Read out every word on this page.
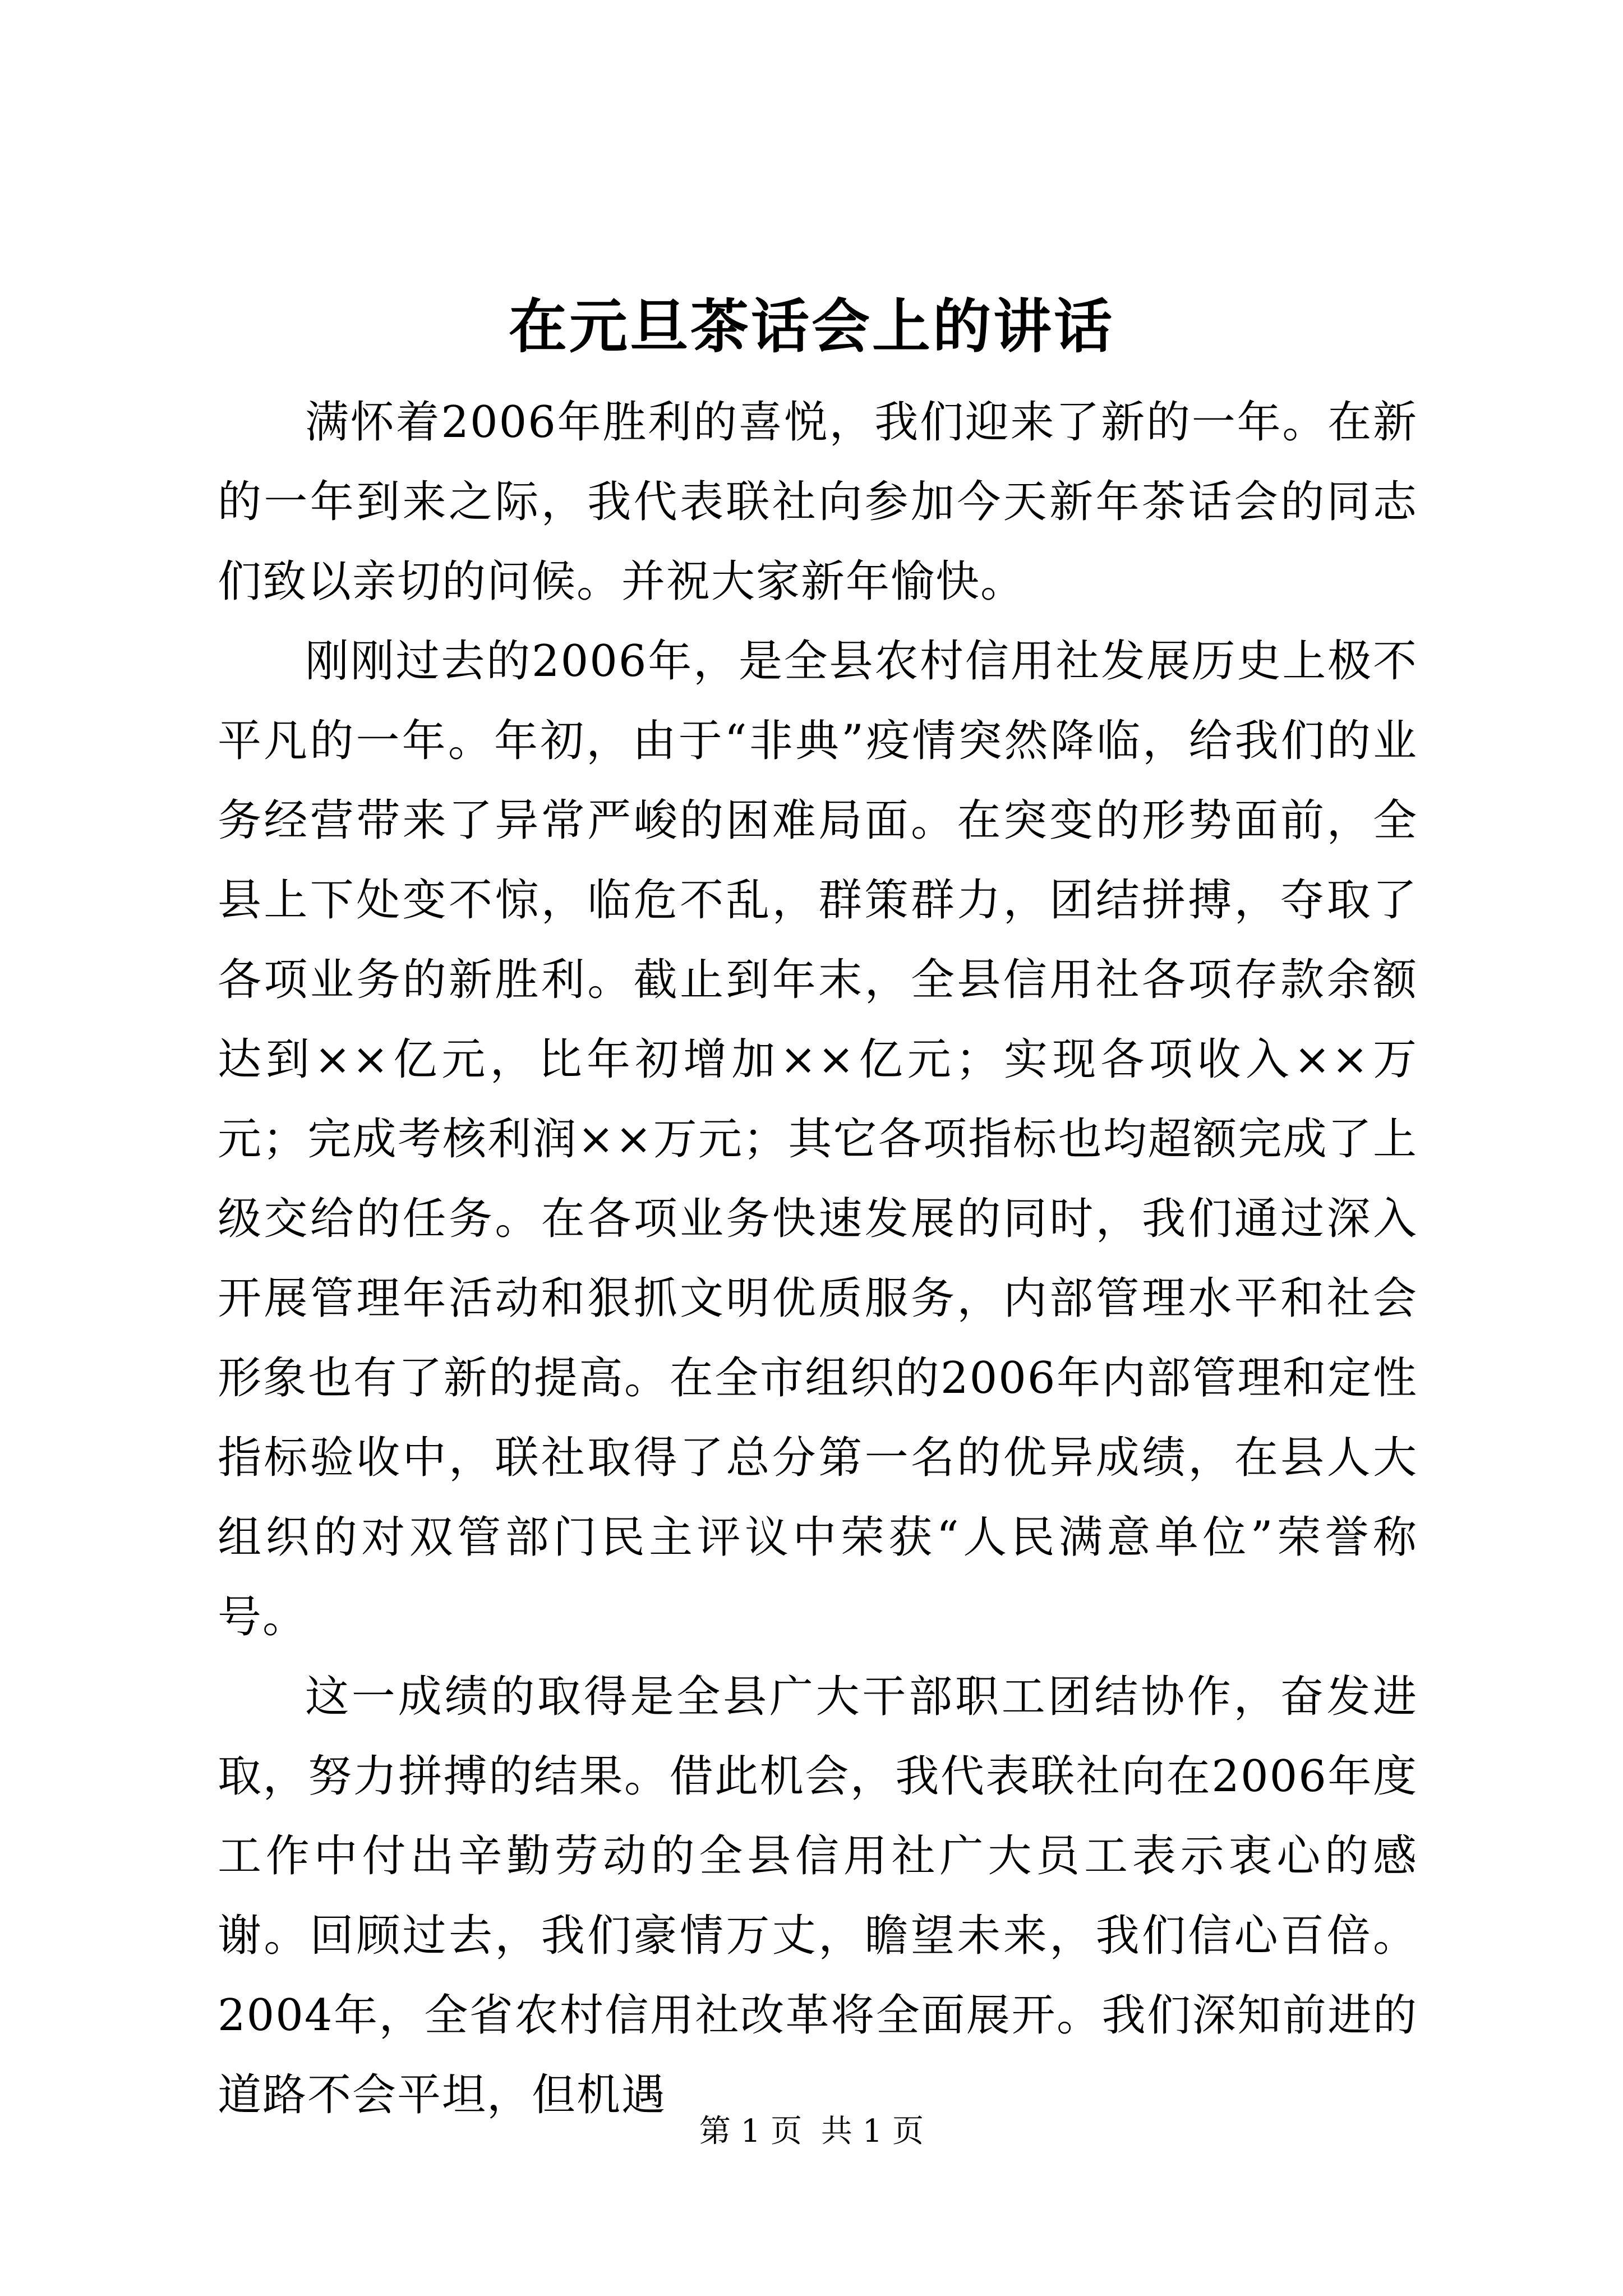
在元旦茶话会上的讲话

满怀着2006年胜利的喜悦，我们迎来了新的一年。在新的一年到来之际，我代表联社向参加今天新年茶话会的同志们致以亲切的问候。并祝大家新年愉快。

刚刚过去的2006年，是全县农村信用社发展历史上极不平凡的一年。年初，由于“非典”疫情突然降临，给我们的业务经营带来了异常严峻的困难局面。在突变的形势面前，全县上下处变不惊，临危不乱，群策群力，团结拼搏，夺取了各项业务的新胜利。截止到年末，全县信用社各项存款余额达到××亿元，比年初增加××亿元；实现各项收入××万元；完成考核利润××万元；其它各项指标也均超额完成了上级交给的任务。在各项业务快速发展的同时，我们通过深入开展管理年活动和狠抓文明优质服务，内部管理水平和社会形象也有了新的提高。在全市组织的2006年内部管理和定性指标验收中，联社取得了总分第一名的优异成绩，在县人大组织的对双管部门民主评议中荣获“人民满意单位”荣誉称号。

这一成绩的取得是全县广大干部职工团结协作，奋发进取，努力拼搏的结果。借此机会，我代表联社向在2006年度工作中付出辛勤劳动的全县信用社广大员工表示衷心的感谢。回顾过去，我们豪情万丈，瞻望未来，我们信心百倍。2004年，全省农村信用社改革将全面展开。我们深知前进的道路不会平坦，但机遇

第 1 页 共 1 页
